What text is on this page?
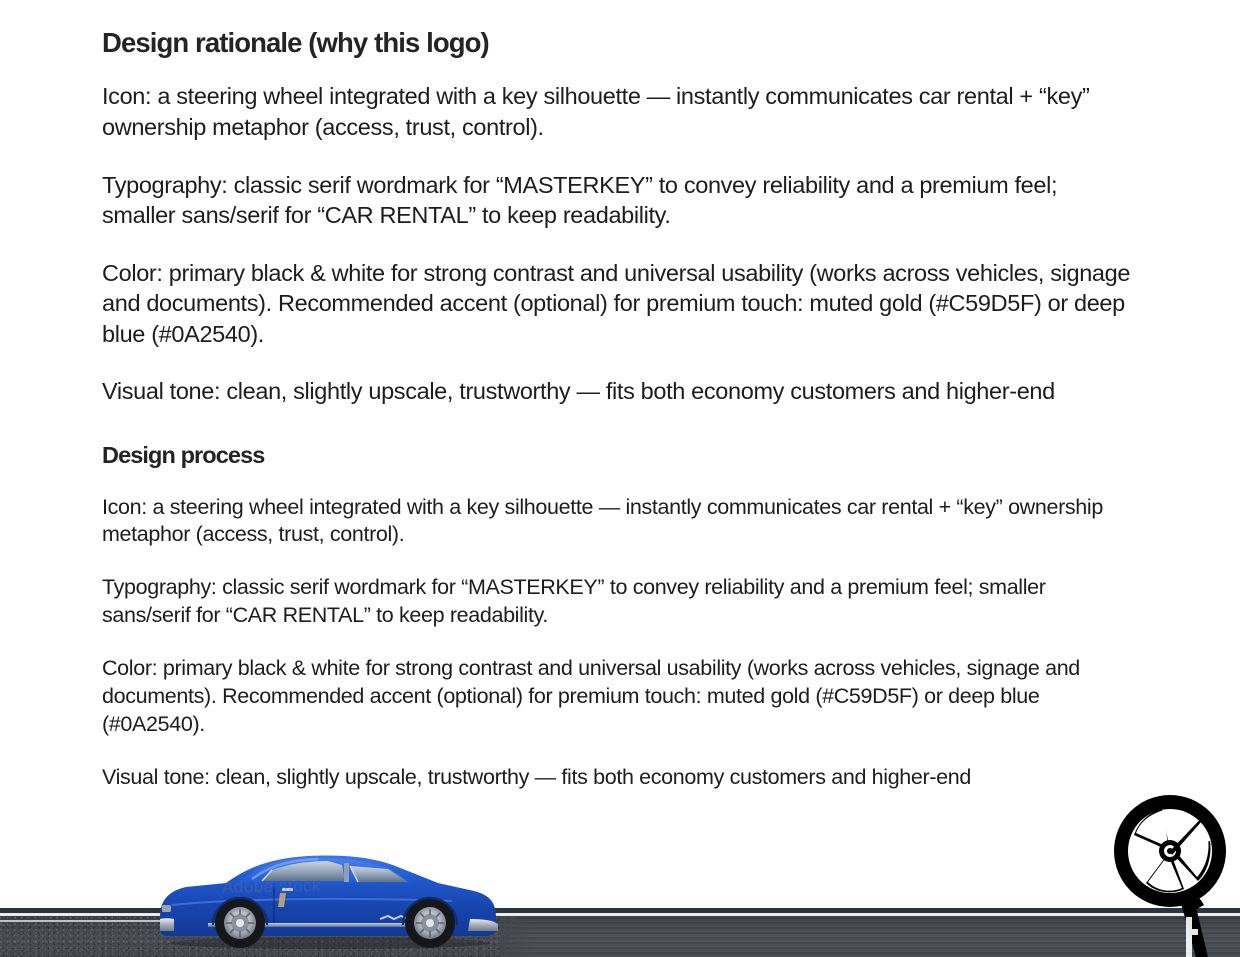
Design rationale (why this logo)

Icon: a steering wheel integrated with a key silhouette — instantly communicates car rental + “key” ownership metaphor (access, trust, control).

Typography: classic serif wordmark for “MASTERKEY” to convey reliability and a premium feel; smaller sans/serif for “CAR RENTAL” to keep readability.

Color: primary black & white for strong contrast and universal usability (works across vehicles, signage and documents). Recommended accent (optional) for premium touch: muted gold (#C59D5F) or deep blue (#0A2540).

Visual tone: clean, slightly upscale, trustworthy — fits both economy customers and higher-end

Design process

Icon: a steering wheel integrated with a key silhouette — instantly communicates car rental + “key” ownership metaphor (access, trust, control).

Typography: classic serif wordmark for “MASTERKEY” to convey reliability and a premium feel; smaller sans/serif for “CAR RENTAL” to keep readability.

Color: primary black & white for strong contrast and universal usability (works across vehicles, signage and documents). Recommended accent (optional) for premium touch: muted gold (#C59D5F) or deep blue (#0A2540).

Visual tone: clean, slightly upscale, trustworthy — fits both economy customers and higher-end

Adobe stock
